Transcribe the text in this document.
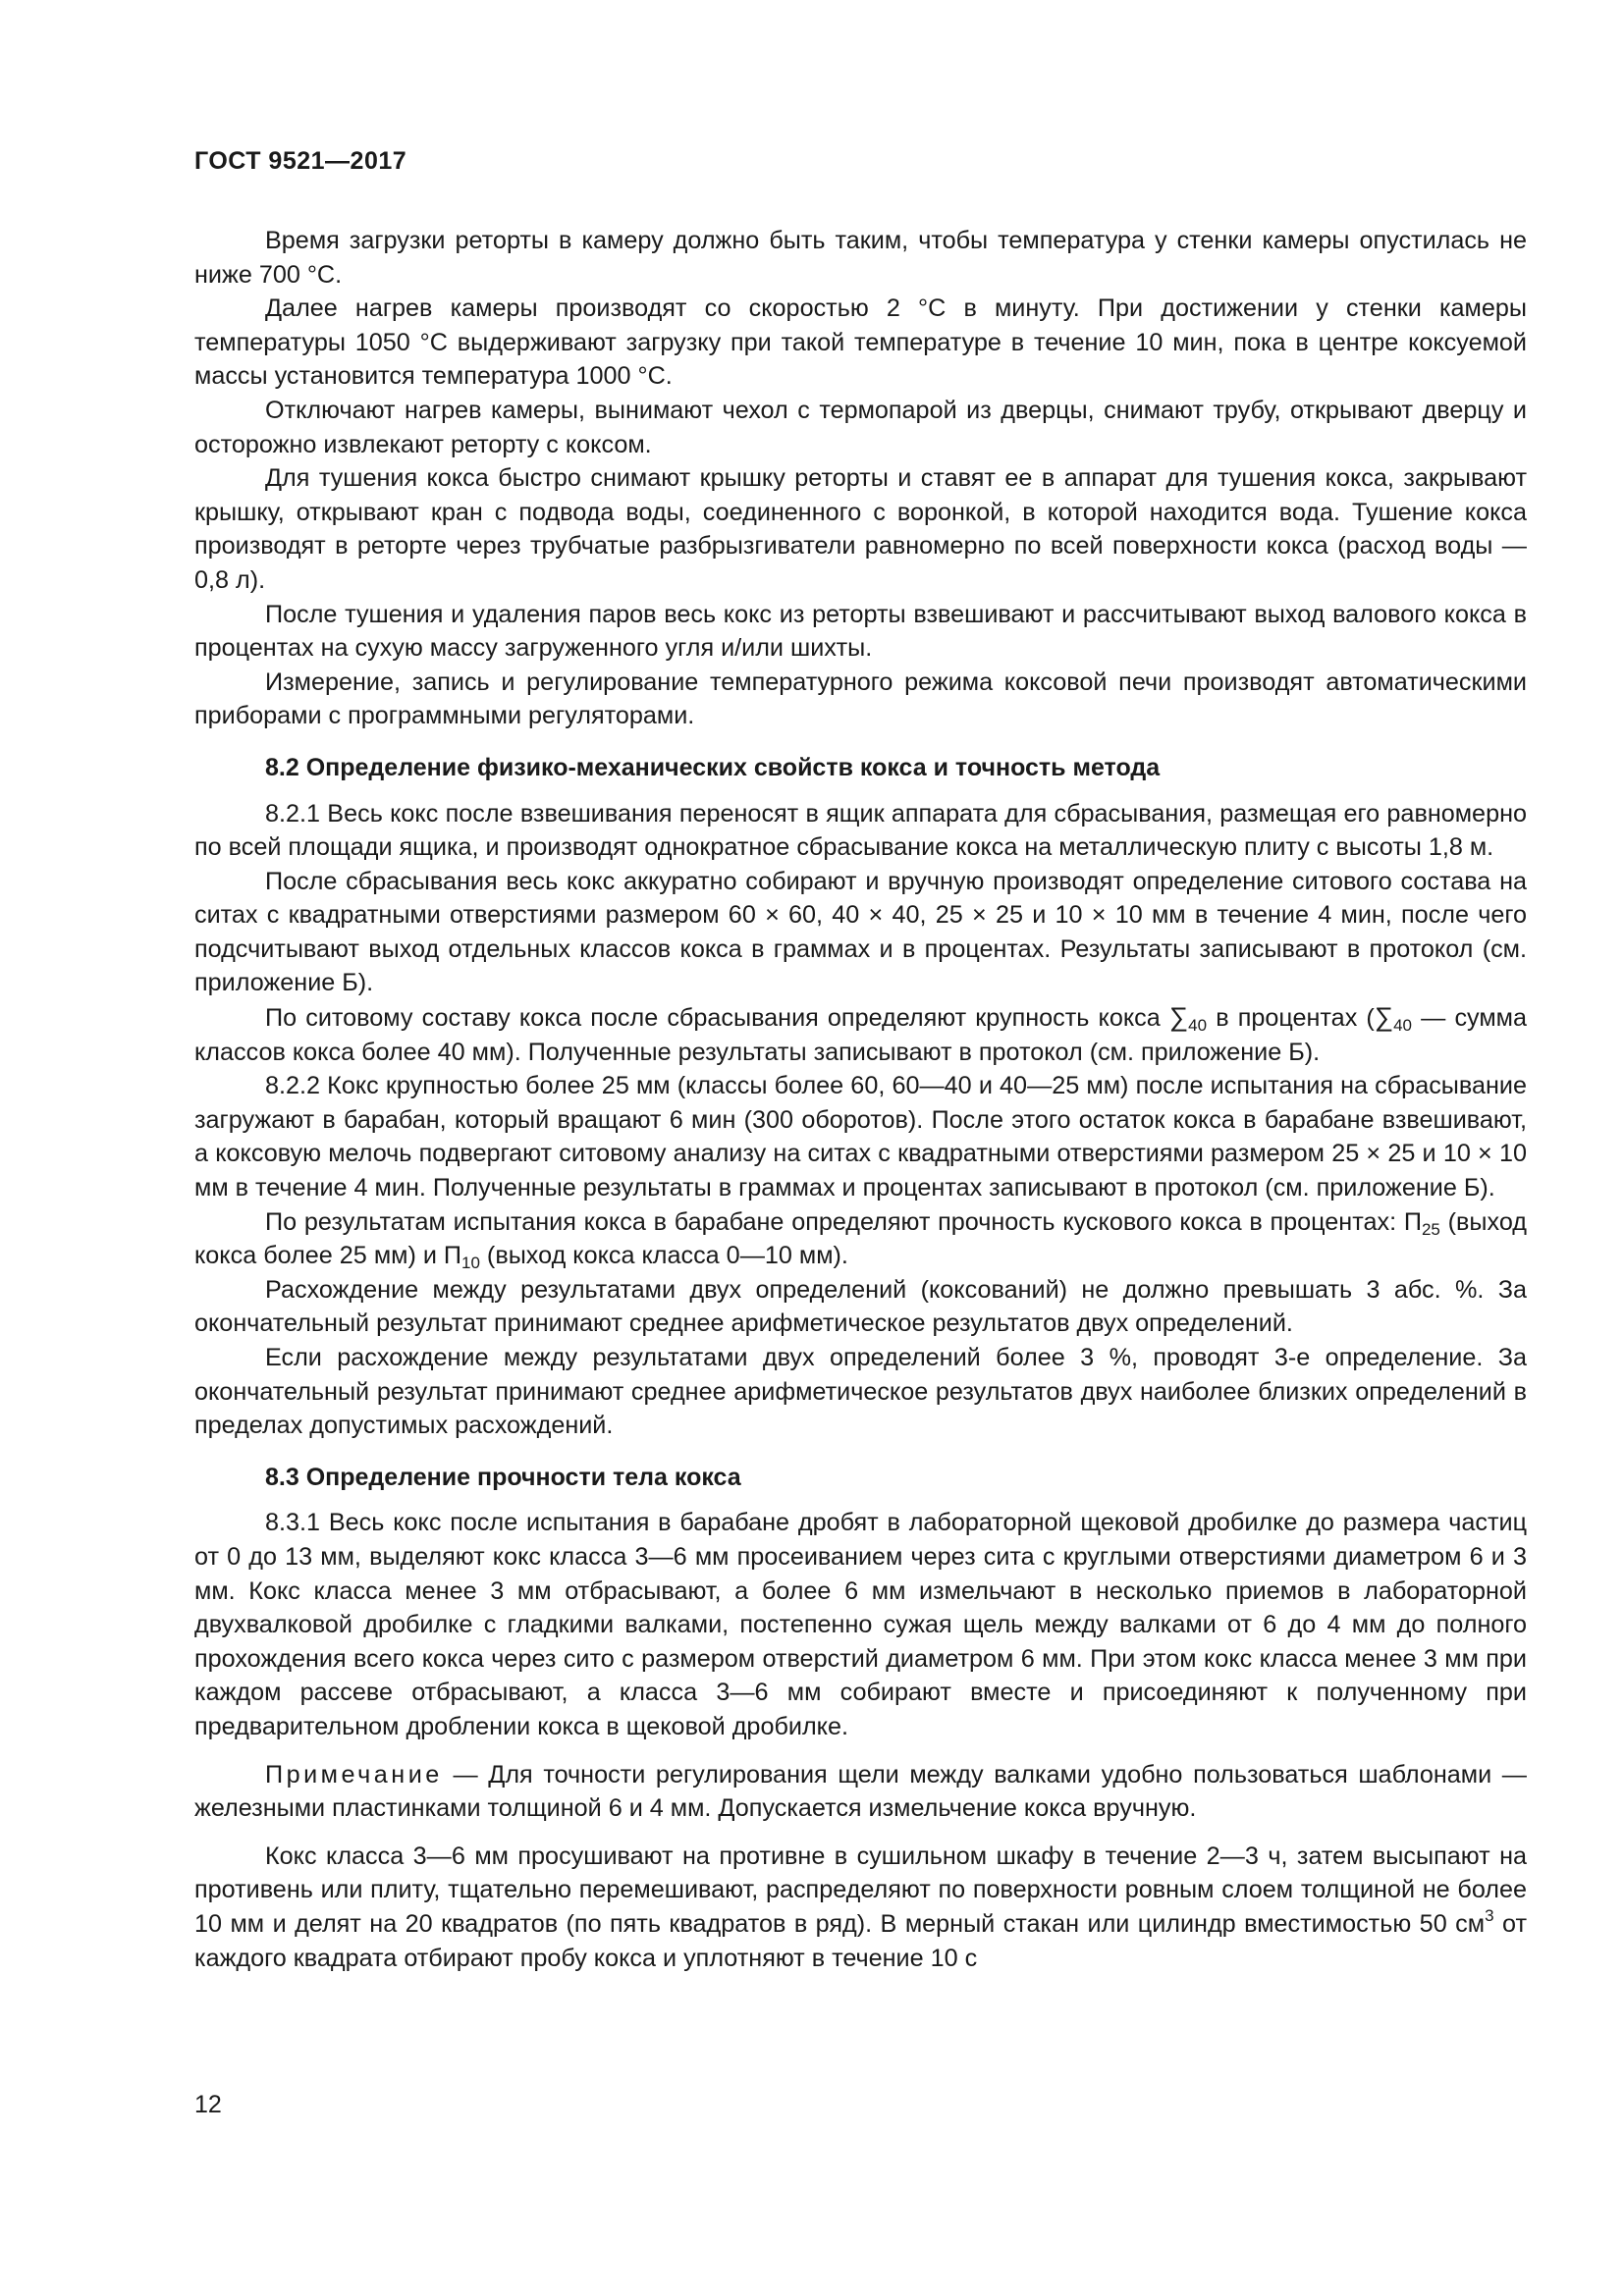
ГОСТ 9521—2017

Время загрузки реторты в камеру должно быть таким, чтобы температура у стенки камеры опустилась не ниже 700 °С.

Далее нагрев камеры производят со скоростью 2 °С в минуту. При достижении у стенки камеры температуры 1050 °С выдерживают загрузку при такой температуре в течение 10 мин, пока в центре коксуемой массы установится температура 1000 °С.

Отключают нагрев камеры, вынимают чехол с термопарой из дверцы, снимают трубу, открывают дверцу и осторожно извлекают реторту с коксом.

Для тушения кокса быстро снимают крышку реторты и ставят ее в аппарат для тушения кокса, закрывают крышку, открывают кран с подвода воды, соединенного с воронкой, в которой находится вода. Тушение кокса производят в реторте через трубчатые разбрызгиватели равномерно по всей поверхности кокса (расход воды — 0,8 л).

После тушения и удаления паров весь кокс из реторты взвешивают и рассчитывают выход валового кокса в процентах на сухую массу загруженного угля и/или шихты.

Измерение, запись и регулирование температурного режима коксовой печи производят автоматическими приборами с программными регуляторами.

8.2 Определение физико-механических свойств кокса и точность метода

8.2.1 Весь кокс после взвешивания переносят в ящик аппарата для сбрасывания, размещая его равномерно по всей площади ящика, и производят однократное сбрасывание кокса на металлическую плиту с высоты 1,8 м.

После сбрасывания весь кокс аккуратно собирают и вручную производят определение ситового состава на ситах с квадратными отверстиями размером 60 × 60, 40 × 40, 25 × 25 и 10 × 10 мм в течение 4 мин, после чего подсчитывают выход отдельных классов кокса в граммах и в процентах. Результаты записывают в протокол (см. приложение Б).

По ситовому составу кокса после сбрасывания определяют крупность кокса $\sum_{40}$ в процентах ($\sum_{40}$ — сумма классов кокса более 40 мм). Полученные результаты записывают в протокол (см. приложение Б).

8.2.2 Кокс крупностью более 25 мм (классы более 60, 60—40 и 40—25 мм) после испытания на сбрасывание загружают в барабан, который вращают 6 мин (300 оборотов). После этого остаток кокса в барабане взвешивают, а коксовую мелочь подвергают ситовому анализу на ситах с квадратными отверстиями размером 25 × 25 и 10 × 10 мм в течение 4 мин. Полученные результаты в граммах и процентах записывают в протокол (см. приложение Б).

По результатам испытания кокса в барабане определяют прочность кускового кокса в процентах: $П_{25}$ (выход кокса более 25 мм) и $П_{10}$ (выход кокса класса 0—10 мм).

Расхождение между результатами двух определений (коксований) не должно превышать 3 абс. %. За окончательный результат принимают среднее арифметическое результатов двух определений.

Если расхождение между результатами двух определений более 3 %, проводят 3-е определение. За окончательный результат принимают среднее арифметическое результатов двух наиболее близких определений в пределах допустимых расхождений.

8.3 Определение прочности тела кокса

8.3.1 Весь кокс после испытания в барабане дробят в лабораторной щековой дробилке до размера частиц от 0 до 13 мм, выделяют кокс класса 3—6 мм просеиванием через сита с круглыми отверстиями диаметром 6 и 3 мм. Кокс класса менее 3 мм отбрасывают, а более 6 мм измельчают в несколько приемов в лабораторной двухвалковой дробилке с гладкими валками, постепенно сужая щель между валками от 6 до 4 мм до полного прохождения всего кокса через сито с размером отверстий диаметром 6 мм. При этом кокс класса менее 3 мм при каждом рассеве отбрасывают, а класса 3—6 мм собирают вместе и присоединяют к полученному при предварительном дроблении кокса в щековой дробилке.

Примечание — Для точности регулирования щели между валками удобно пользоваться шаблонами — железными пластинками толщиной 6 и 4 мм. Допускается измельчение кокса вручную.

Кокс класса 3—6 мм просушивают на противне в сушильном шкафу в течение 2—3 ч, затем высыпают на противень или плиту, тщательно перемешивают, распределяют по поверхности ровным слоем толщиной не более 10 мм и делят на 20 квадратов (по пять квадратов в ряд). В мерный стакан или цилиндр вместимостью 50 $см^3$ от каждого квадрата отбирают пробу кокса и уплотняют в течение 10 с

12
